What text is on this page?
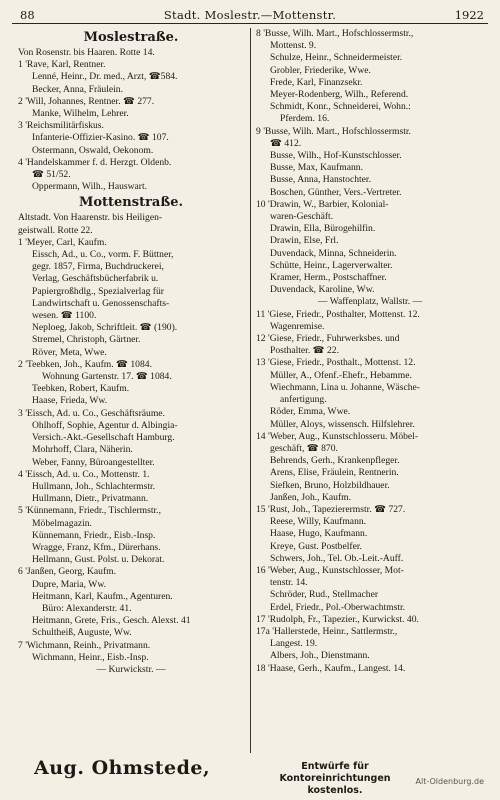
88	Stadt. Moslestr.—Mottenstr.	1922
Moslestraße.
Von Rosenstr. bis Haaren. Rotte 14.
1 'Rave, Karl, Rentner.
Lenné, Heinr., Dr. med., Arzt, ☎584.
Becker, Anna, Fräulein.
2 'Will, Johannes, Rentner. ☎ 277.
Manke, Wilhelm, Lehrer.
3 'Reichsmilitärfiskus.
Infanterie-Offizier-Kasino. ☎ 107.
Ostermann, Oswald, Oekonom.
4 'Handelskammer f. d. Herzgt. Oldenb.
☎ 51/52.
Oppermann, Wilh., Hauswart.
Mottenstraße.
Altstadt. Von Haarenstr. bis Heiligen-
geistwall. Rotte 22.
1 'Meyer, Carl, Kaufm.
Eissch, Ad., u. Co., vorm. F. Büttner,
gegr. 1857, Firma, Buchdruckerei,
Verlag, Geschäftsbücherfabrik u.
Papiergroßhdlg., Spezialverlag für
Landwirtschaft u. Genossenschafts-
wesen. ☎ 1100.
Neploeg, Jakob, Schriftleit. ☎ (190).
Stremel, Christoph, Gärtner.
Röver, Meta, Wwe.
2 'Teebken, Joh., Kaufm. ☎ 1084.
Wohnung Gartenstr. 17. ☎ 1084.
Teebken, Robert, Kaufm.
Haase, Frieda, Ww.
3 'Eissch, Ad. u. Co., Geschäftsräume.
Ohlhoff, Sophie, Agentur d. Albingia-
Versich.-Akt.-Gesellschaft Hamburg.
Mohrhoff, Clara, Näherin.
Weber, Fanny, Büroangestellter.
4 'Eissch, Ad. u. Co., Mottenstr. 1.
Hullmann, Joh., Schlachtermstr.
Hullmann, Dietr., Privatmann.
5 'Künnemann, Friedr., Tischlermstr.,
Möbelmagazin.
Künnemann, Friedr., Eisb.-Insp.
Wragge, Franz, Kfm., Dürerhans.
Hellmann, Gust. Polst. u. Dekorat.
6 'Janßen, Georg, Kaufm.
Dupre, Maria, Ww.
Heitmann, Karl, Kaufm., Agenturen.
Büro: Alexanderstr. 41.
Heitmann, Grete, Fris., Gesch. Alexst. 41
Schultheiß, Auguste, Ww.
7 'Wichmann, Reinh., Privatmann.
Wichmann, Heinr., Eisb.-Insp.
— Kurwickstr. —
8 'Busse, Wilh. Mart., Hofschlossermstr.,
Mottenst. 9.
Schulze, Heinr., Schneidermeister.
Grobler, Friederike, Wwe.
Frede, Karl, Finanzsekr.
Meyer-Rodenberg, Wilh., Referend.
Schmidt, Konr., Schneiderei, Wohn.:
Pferdem. 16.
9 'Busse, Wilh. Mart., Hofschlossermstr.
☎ 412.
Busse, Wilh., Hof-Kunstschlosser.
Busse, Max, Kaufmann.
Busse, Anna, Hanstochter.
Boschen, Günther, Vers.-Vertreter.
10 'Drawin, W., Barbier, Kolonial-
waren-Geschäft.
Drawin, Ella, Bürogehilfin.
Drawin, Else, Frl.
Duvendack, Minna, Schneiderin.
Schütte, Heinr., Lagerverwalter.
Kramer, Herm., Postschaffner.
Duvendack, Karoline, Ww.
— Waffenplatz, Wallstr. —
11 'Giese, Friedr., Posthalter, Mottenst. 12.
Wagenremise.
12 'Giese, Friedr., Fuhrwerksbes. und
Posthalter. ☎ 22.
13 'Giese, Friedr., Posthalt., Mottenst. 12.
Müller, A., Ofenf.-Ehefr., Hebamme.
Wiechmann, Lina u. Johanne, Wäsche-
anfertigung.
Röder, Emma, Wwe.
Müller, Aloys, wissensch. Hilfslehrer.
14 'Weber, Aug., Kunstschlosseru. Möbel-
geschäft, ☎ 870.
Behrends, Gerh., Krankenpfleger.
Arens, Elise, Fräulein, Rentnerin.
Siefken, Bruno, Holzbildhauer.
Janßen, Joh., Kaufm.
15 'Rust, Joh., Tapezierermstr. ☎ 727.
Reese, Willy, Kaufmann.
Haase, Hugo, Kaufmann.
Kreye, Gust. Postbelfer.
Schwers, Joh., Tel. Ob.-Leit.-Auff.
16 'Weber, Aug., Kunstschlosser, Mot-
tenstr. 14.
Schröder, Rud., Stellmacher
Erdel, Friedr., Pol.-Oberwachtmstr.
17 'Rudolph, Fr., Tapezier., Kurwickst. 40.
17a 'Hallerstede, Heinr., Sattlermstr.,
Langest. 19.
Albers, Joh., Dienstmann.
18 'Haase, Gerh., Kaufm., Langest. 14.
Aug. Ohmstede,	Entwürfe für Kontoreinrichtungen
kostenlos.
Alt-Oldenburg.de
